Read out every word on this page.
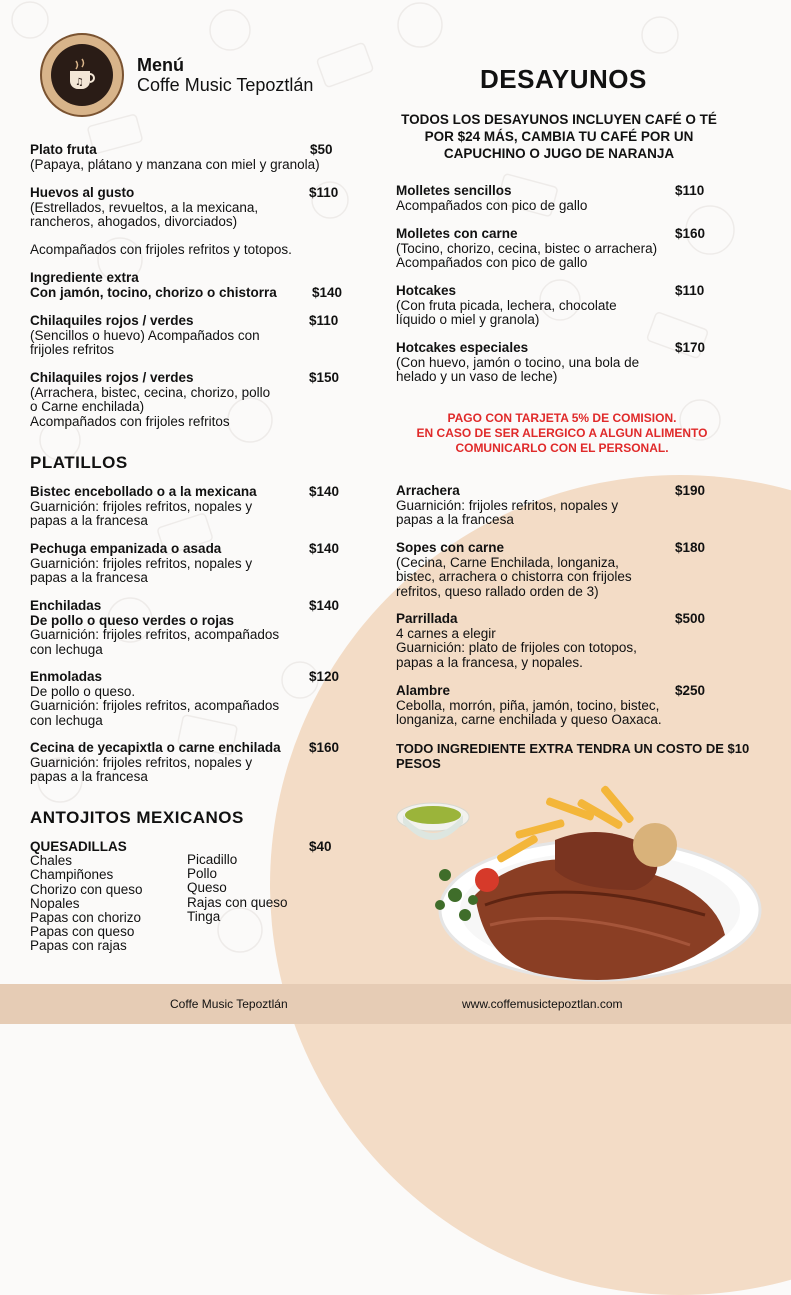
♫
Menú
Coffe Music Tepoztlán
Plato fruta	$50
(Papaya, plátano y manzana con miel y granola)
Huevos al gusto	$110
(Estrellados, revueltos, a la mexicana,
rancheros, ahogados, divorciados)
Acompañados con frijoles refritos y totopos.
Ingrediente extra
Con jamón, tocino, chorizo o chistorra	$140
Chilaquiles rojos / verdes	$110
(Sencillos o huevo) Acompañados con
frijoles refritos
Chilaquiles rojos / verdes	$150
(Arrachera, bistec, cecina, chorizo, pollo
o Carne enchilada)
Acompañados con frijoles refritos
PLATILLOS
Bistec encebollado o a la mexicana	$140
Guarnición: frijoles refritos, nopales y
papas a la francesa
Pechuga empanizada o asada	$140
Guarnición: frijoles refritos, nopales y
papas a la francesa
Enchiladas	$140
De pollo o queso verdes o rojas
Guarnición: frijoles refritos, acompañados
con lechuga
Enmoladas	$120
De pollo o queso.
Guarnición: frijoles refritos, acompañados
con lechuga
Cecina de yecapixtla o carne enchilada	$160
Guarnición: frijoles refritos, nopales y
papas a la francesa
ANTOJITOS MEXICANOS
QUESADILLAS	$40
Chales
Champiñones
Chorizo con queso
Nopales
Papas con chorizo
Papas con queso
Papas con rajas
Picadillo
Pollo
Queso
Rajas con queso
Tinga
DESAYUNOS
TODOS LOS DESAYUNOS INCLUYEN CAFÉ O TÉ POR $24 MÁS, CAMBIA TU CAFÉ POR UN CAPUCHINO O JUGO DE NARANJA
Molletes sencillos	$110
Acompañados con pico de gallo
Molletes con carne	$160
(Tocino, chorizo, cecina, bistec o arrachera)
Acompañados con pico de gallo
Hotcakes	$110
(Con fruta picada, lechera, chocolate
líquido o miel y granola)
Hotcakes especiales	$170
(Con huevo, jamón o tocino, una bola de
helado y un vaso de leche)
PAGO CON TARJETA 5% DE COMISION.
EN CASO DE SER ALERGICO A ALGUN ALIMENTO
COMUNICARLO CON EL PERSONAL.
Arrachera	$190
Guarnición: frijoles refritos, nopales y
papas a la francesa
Sopes con carne	$180
(Cecina, Carne Enchilada, longaniza,
bistec, arrachera o chistorra con frijoles
refritos, queso rallado orden de 3)
Parrillada	$500
4 carnes a elegir
Guarnición: plato de frijoles con totopos,
papas a la francesa, y nopales.
Alambre	$250
Cebolla, morrón, piña, jamón, tocino, bistec,
longaniza, carne enchilada y queso Oaxaca.
TODO INGREDIENTE EXTRA TENDRA UN COSTO DE $10 PESOS
Coffe Music Tepoztlán	www.coffemusictepoztlan.com
